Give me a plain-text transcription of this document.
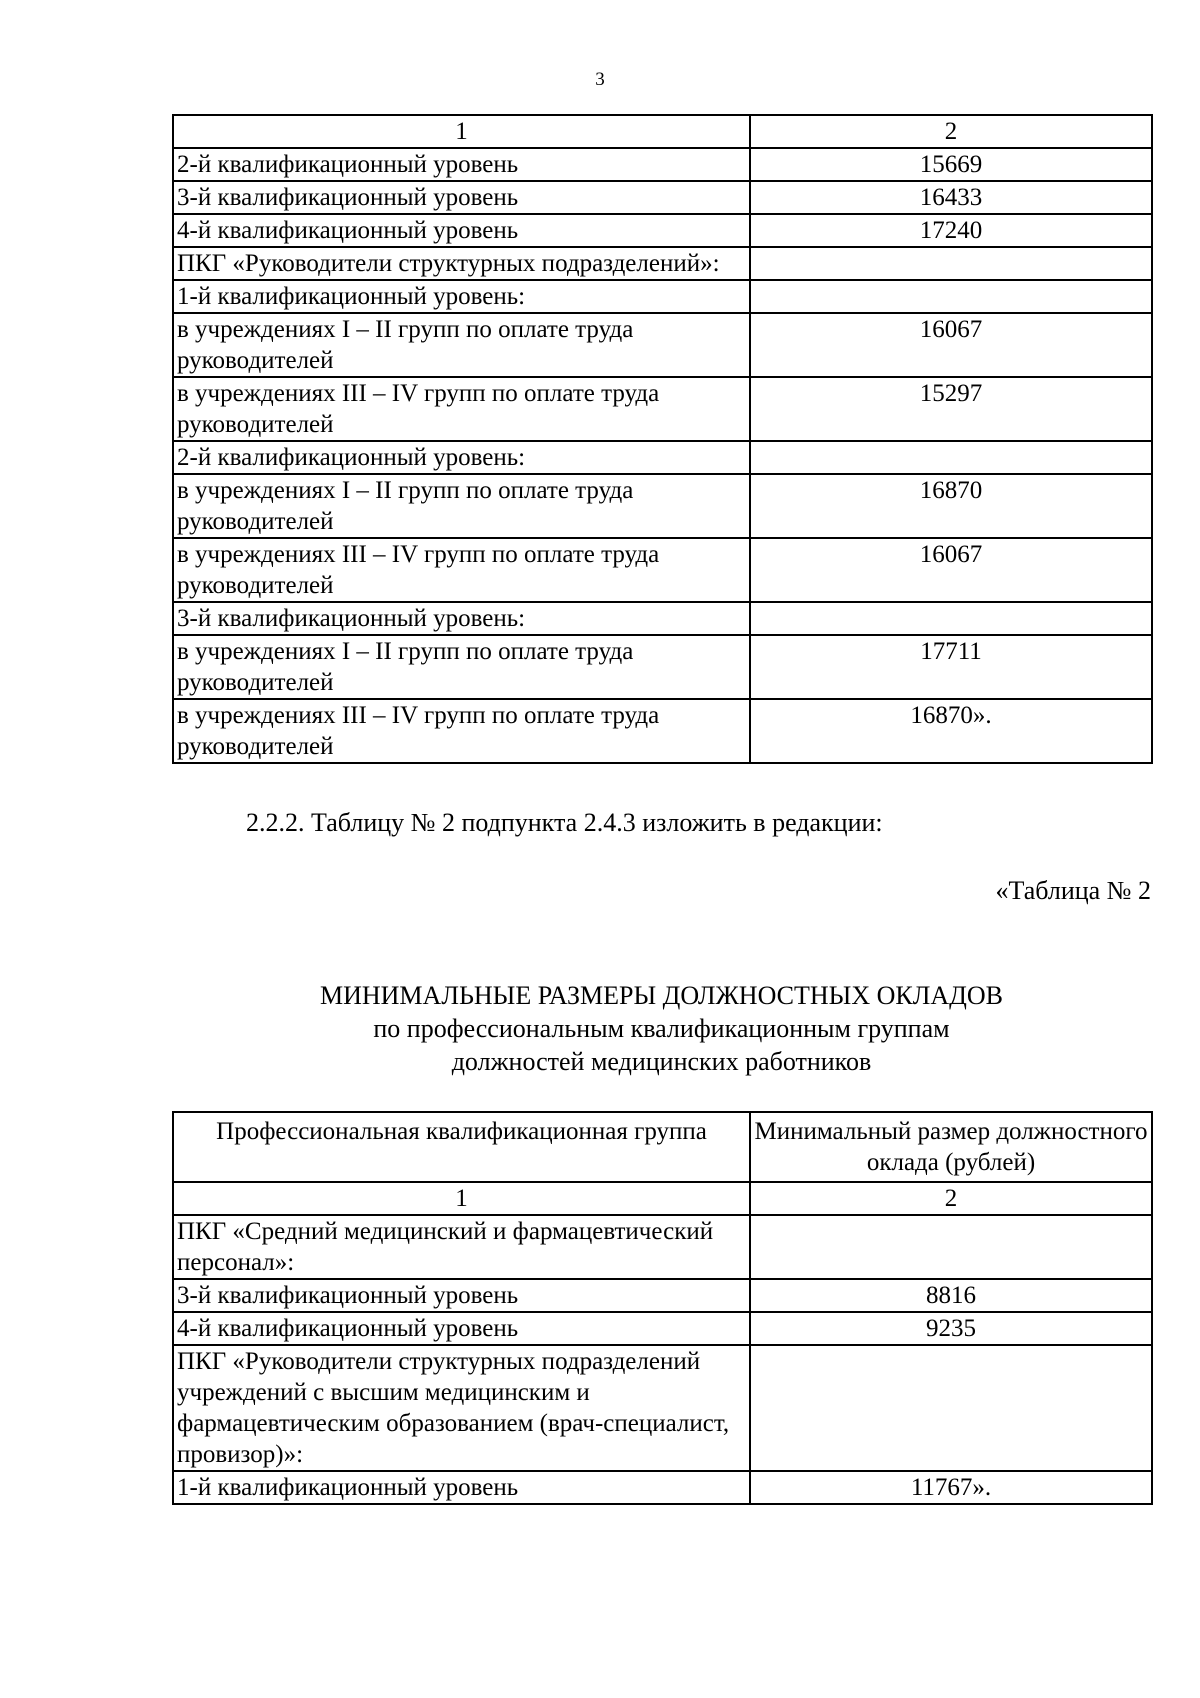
3
1	2
2-й квалификационный уровень	15669
3-й квалификационный уровень	16433
4-й квалификационный уровень	17240
ПКГ «Руководители структурных подразделений»:	
1-й квалификационный уровень:	
в учреждениях I – II групп по оплате труда руководителей	16067
в учреждениях III – IV групп по оплате труда руководителей	15297
2-й квалификационный уровень:	
в учреждениях I – II групп по оплате труда руководителей	16870
в учреждениях III – IV групп по оплате труда руководителей	16067
3-й квалификационный уровень:	
в учреждениях I – II групп по оплате труда руководителей	17711
в учреждениях III – IV групп по оплате труда руководителей	16870».
2.2.2. Таблицу № 2 подпункта 2.4.3 изложить в редакции:
«Таблица № 2
МИНИМАЛЬНЫЕ РАЗМЕРЫ ДОЛЖНОСТНЫХ ОКЛАДОВ
по профессиональным квалификационным группам
должностей медицинских работников
Профессиональная квалификационная группа	Минимальный размер должностного оклада (рублей)
1	2
ПКГ «Средний медицинский и фармацевтический персонал»:	
3-й квалификационный уровень	8816
4-й квалификационный уровень	9235
ПКГ «Руководители структурных подразделений учреждений с высшим медицинским и фармацевтическим образованием (врач-специалист, провизор)»:	
1-й квалификационный уровень	11767».
